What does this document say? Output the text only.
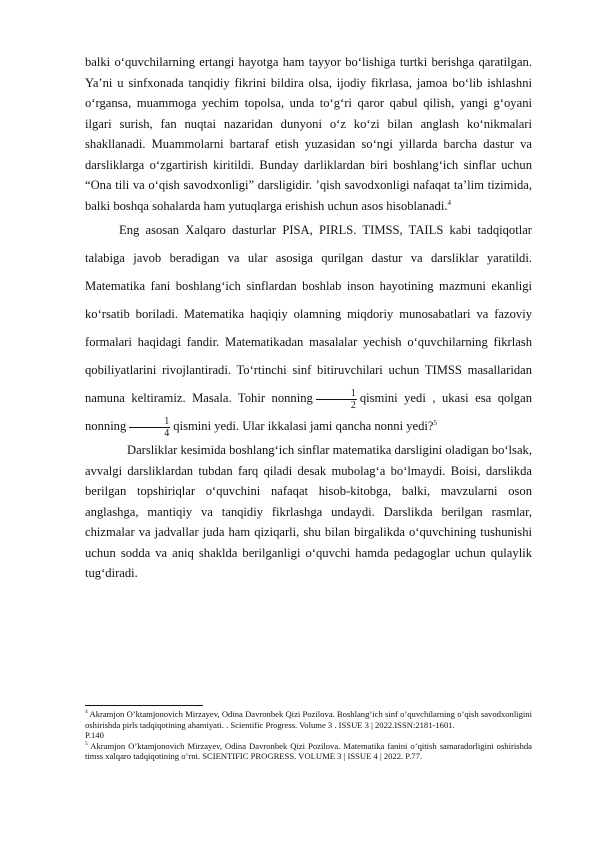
balki o‘quvchilarning ertangi hayotga ham tayyor bo‘lishiga turtki berishga qaratilgan. Ya’ni u sinfxonada tanqidiy fikrini bildira olsa, ijodiy fikrlasa, jamoa bo‘lib ishlashni o‘rgansa, muammoga yechim topolsa, unda to‘g‘ri qaror qabul qilish, yangi g‘oyani ilgari surish, fan nuqtai nazaridan dunyoni o‘z ko‘zi bilan anglash ko‘nikmalari shakllanadi. Muammolarni bartaraf etish yuzasidan so‘ngi yillarda barcha dastur va darsliklarga o‘zgartirish kiritildi. Bunday darliklardan biri boshlang‘ich sinflar uchun “Ona tili va o‘qish savodxonligi” darsligidir. ’qish savodxonligi nafaqat ta’lim tizimida, balki boshqa sohalarda ham yutuqlarga erishish uchun asos hisoblanadi.$^4$

Eng asosan Xalqaro dasturlar PISA, PIRLS. TIMSS, TAILS kabi tadqiqotlar talabiga javob beradigan va ular asosiga qurilgan dastur va darsliklar yaratildi. Matematika fani boshlang‘ich sinflardan boshlab inson hayotining mazmuni ekanligi ko‘rsatib boriladi. Matematika haqiqiy olamning miqdoriy munosabatlari va fazoviy formalari haqidagi fandir. Matematikadan masalalar yechish o‘quvchilarning fikrlash qobiliyatlarini rivojlantiradi. To‘rtinchi sinf bitiruvchilari uchun TIMSS masallaridan namuna keltiramiz. Masala. Tohir nonning $\frac{1}{2}$ qismini yedi , ukasi esa qolgan nonning $\frac{1}{4}$ qismini yedi. Ular ikkalasi jami qancha nonni yedi?$^5$

Darsliklar kesimida boshlang‘ich sinflar matematika darsligini oladigan bo‘lsak, avvalgi darsliklardan tubdan farq qiladi desak mubolag‘a bo‘lmaydi. Boisi, darslikda berilgan topshiriqlar o‘quvchini nafaqat hisob-kitobga, balki, mavzularni oson anglashga, mantiqiy va tanqidiy fikrlashga undaydi. Darslikda berilgan rasmlar, chizmalar va jadvallar juda ham qiziqarli, shu bilan birgalikda o‘quvchining tushunishi uchun sodda va aniq shaklda berilganligi o‘quvchi hamda pedagoglar uchun qulaylik tug‘diradi.

$^4$ Akramjon O’ktamjonovich Mirzayev, Odina Davronbek Qizi Pozilova. Boshlang’ich sinf o’quvchilarning o’qish savodxonligini oshirishda pirls tadqiqotining ahamiyati. . Scientific Progress. Volume 3 . ISSUE 3 | 2022.ISSN:2181-1601.
P.140

$^5$ Akramjon O’ktamjonovich Mirzayev, Odina Davronbek Qizi Pozilova. Matematika fanini o’qitish samaradorligini oshirishda timss xalqaro tadqiqotining o’rni. SCIENTIFIC PROGRESS. VOLUME 3 | ISSUE 4 | 2022. P.77.
